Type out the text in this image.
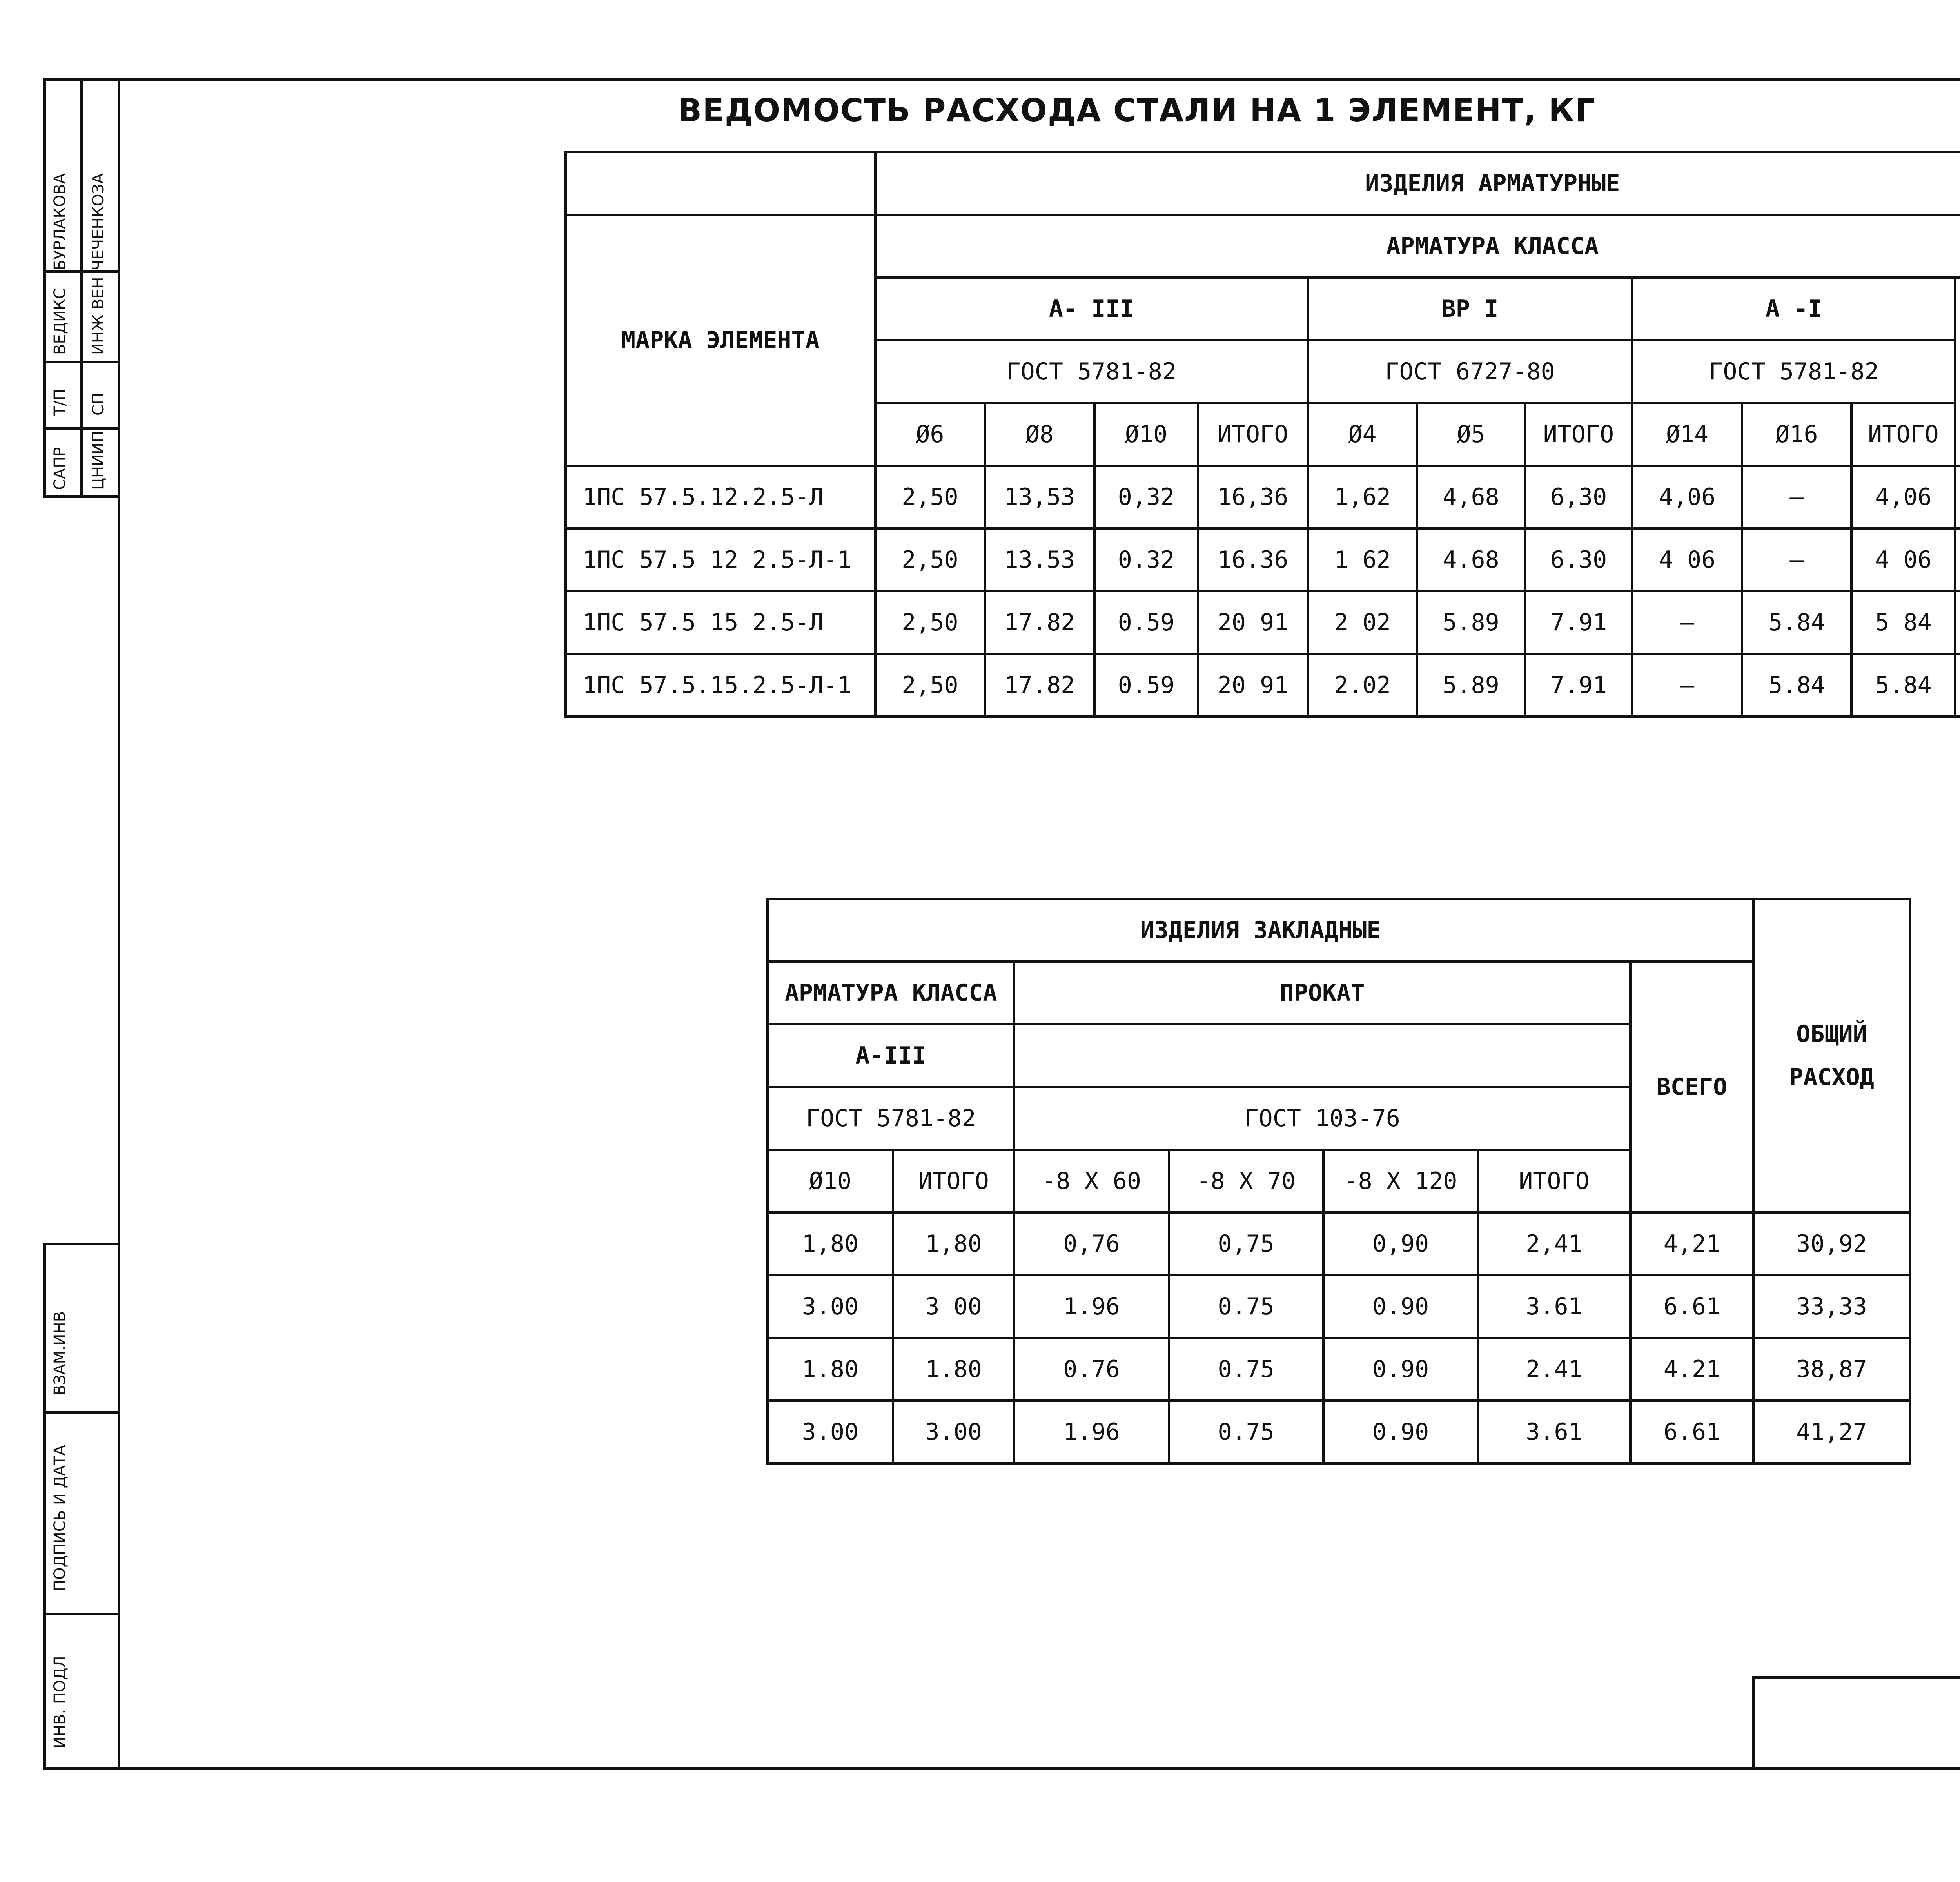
БУРЛАКОВА ЧЕЧЕНКОЗА
ВЕДИКС ИНЖ ВЕН
Т/П СП
САПР ЦНИИП
ВЗАМ.ИНВ
ПОДПИСЬ И ДАТА
ИНВ. ПОДЛ
ВЕДОМОСТЬ РАСХОДА СТАЛИ НА 1 ЭЛЕМЕНТ, КГ
	ИЗДЕЛИЯ АРМАТУРНЫЕ										
МАРКА ЭЛЕМЕНТА	АРМАТУРА КЛАССА										
	A- III				ВР I			A -I	
	ГОСТ 5781-82				ГОСТ 6727-80			ГОСТ 5781-82			
	Ø6	Ø8	Ø10	ИТОГО	Ø4	Ø5	ИТОГО	Ø14	Ø16	ИТОГО	
1ПС 57.5.12.2.5-Л	2,50	13,53	0,32	16,36	1,62	4,68	6,30	4,06	—	4,06	
1ПС 57.5 12 2.5-Л-1	2,50	13.53	0.32	16.36	1 62	4.68	6.30	4 06	—	4 06	
1ПС 57.5 15 2.5-Л	2,50	17.82	0.59	20 91	2 02	5.89	7.91	—	5.84	5 84	
1ПС 57.5.15.2.5-Л-1	2,50	17.82	0.59	20 91	2.02	5.89	7.91	—	5.84	5.84	
ИЗДЕЛИЯ ЗАКЛАДНЫЕ							ОБЩИЙ РАСХОД
АРМАТУРА КЛАССА		ПРОКАТ				ВСЕГО	
A-III							
ГОСТ 5781-82		ГОСТ 103-76					
Ø10	ИТОГО	-8 X 60	-8 X 70	-8 X 120	ИТОГО		
1,80	1,80	0,76	0,75	0,90	2,41	4,21	30,92
3.00	3 00	1.96	0.75	0.90	3.61	6.61	33,33
1.80	1.80	0.76	0.75	0.90	2.41	4.21	38,87
3.00	3.00	1.96	0.75	0.90	3.61	6.61	41,27
